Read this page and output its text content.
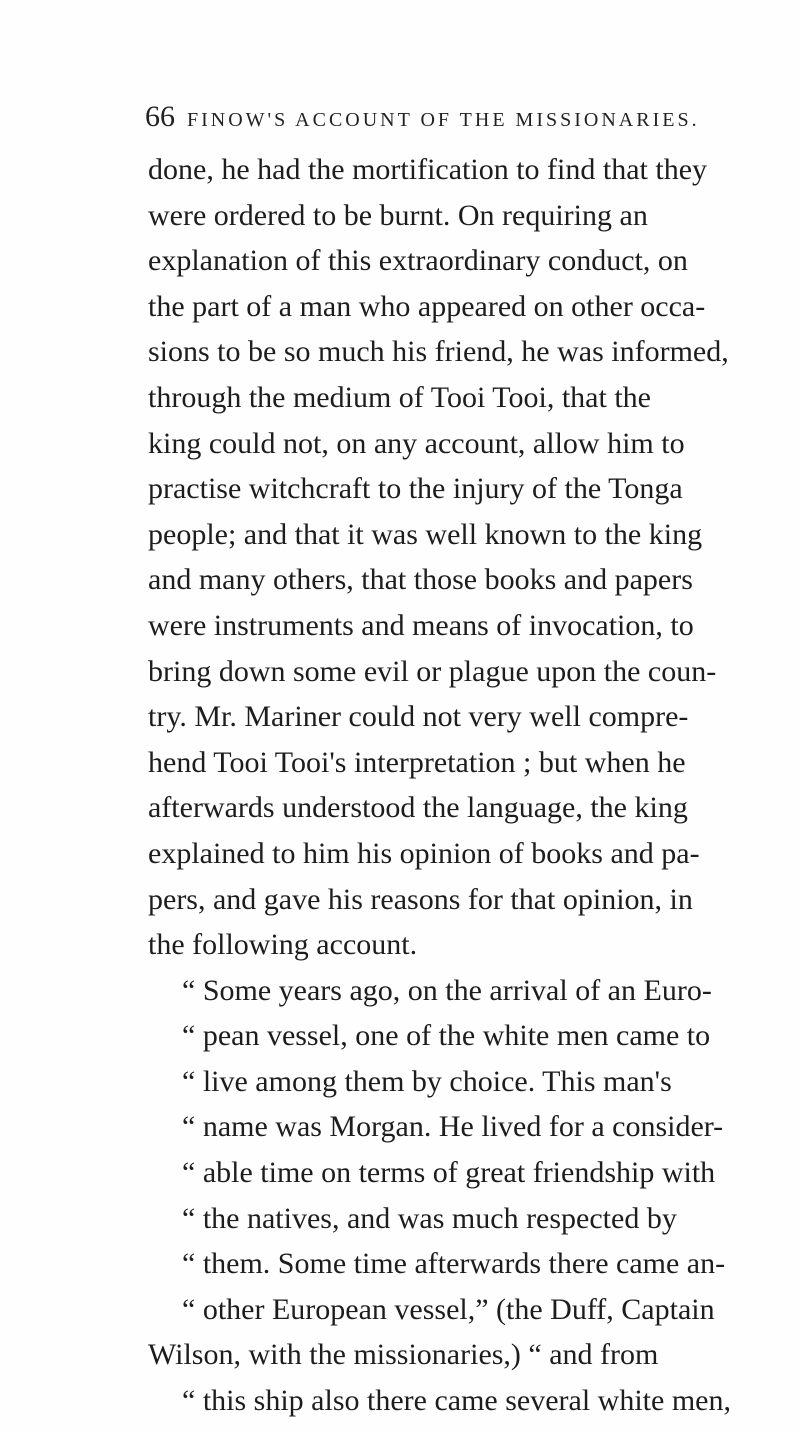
66 FINOW'S ACCOUNT OF THE MISSIONARIES.
done, he had the mortification to find that they
were ordered to be burnt. On requiring an
explanation of this extraordinary conduct, on
the part of a man who appeared on other occa-
sions to be so much his friend, he was informed,
through the medium of Tooi Tooi, that the
king could not, on any account, allow him to
practise witchcraft to the injury of the Tonga
people; and that it was well known to the king
and many others, that those books and papers
were instruments and means of invocation, to
bring down some evil or plague upon the coun-
try. Mr. Mariner could not very well compre-
hend Tooi Tooi's interpretation ; but when he
afterwards understood the language, the king
explained to him his opinion of books and pa-
pers, and gave his reasons for that opinion, in
the following account.
“ Some years ago, on the arrival of an Euro-
“ pean vessel, one of the white men came to
“ live among them by choice. This man's
“ name was Morgan. He lived for a consider-
“ able time on terms of great friendship with
“ the natives, and was much respected by
“ them. Some time afterwards there came an-
“ other European vessel,” (the Duff, Captain
Wilson, with the missionaries,) “ and from
“ this ship also there came several white men,
